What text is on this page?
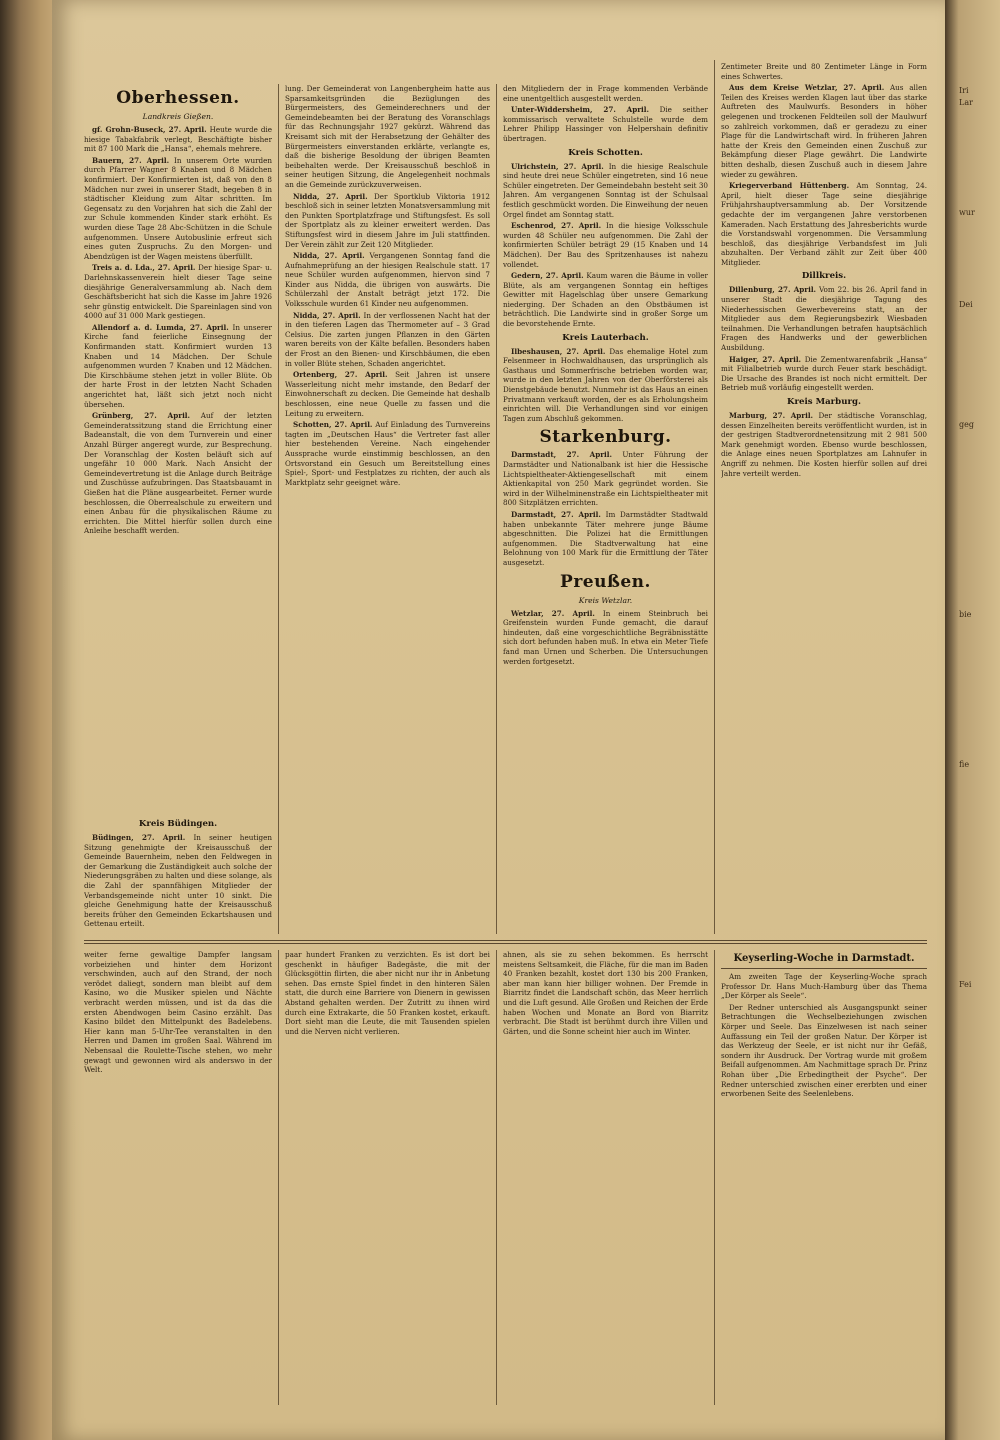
Oberhessen.
Landkreis Gießen.

gf. Grohn-Buseck, 27. April. Heute wurde die hiesige Tabakfabrik verlegt, Beschäftigte bisher mit 87 100 Mark die „Hansa“, ehemals mehrere.

Bauern, 27. April. In unserem Orte wurden durch Pfarrer Wagner 8 Knaben und 8 Mädchen konfirmiert. Der Konfirmierten ist, daß von den 8 Mädchen nur zwei in unserer Stadt, begeben 8 in städtischer Kleidung zum Altar schritten. Im Gegensatz zu den Vorjahren hat sich die Zahl der zur Schule kommenden Kinder stark erhöht. Es wurden diese Tage 28 Abc-Schützen in die Schule aufgenommen. Unsere Autobuslinie erfreut sich eines guten Zuspruchs. Zu den Morgen- und Abendzügen ist der Wagen meistens überfüllt.

Treis a. d. Lda., 27. April. Der hiesige Spar- u. Darlehnskassenverein hielt dieser Tage seine diesjährige Generalversammlung ab. Nach dem Geschäftsbericht hat sich die Kasse im Jahre 1926 sehr günstig entwickelt. Die Spareinlagen sind von 4000 auf 31 000 Mark gestiegen.

Allendorf a. d. Lumda, 27. April. In unserer Kirche fand feierliche Einsegnung der Konfirmanden statt. Konfirmiert wurden 13 Knaben und 14 Mädchen. Der Schule aufgenommen wurden 7 Knaben und 12 Mädchen. Die Kirschbäume stehen jetzt in voller Blüte. Ob der harte Frost in der letzten Nacht Schaden angerichtet hat, läßt sich jetzt noch nicht übersehen.

Grünberg, 27. April. Auf der letzten Gemeinderatssitzung stand die Errichtung einer Badeanstalt, die von dem Turnverein und einer Anzahl Bürger angeregt wurde, zur Besprechung. Der Voranschlag der Kosten beläuft sich auf ungefähr 10 000 Mark. Nach Ansicht der Gemeindevertretung ist die Anlage durch Beiträge und Zuschüsse aufzubringen. Das Staatsbauamt in Gießen hat die Pläne ausgearbeitet. Ferner wurde beschlossen, die Oberrealschule zu erweitern und einen Anbau für die physikalischen Räume zu errichten. Die Mittel hierfür sollen durch eine Anleihe beschafft werden.

Kreis Büdingen.

Büdingen, 27. April. In seiner heutigen Sitzung genehmigte der Kreisausschuß der Gemeinde Bauernheim, neben den Feldwegen in der Gemarkung die Zuständigkeit auch solche der Niederungsgräben zu halten und diese solange, als die Zahl der spannfähigen Mitglieder der Verbandsgemeinde nicht unter 10 sinkt. Die gleiche Genehmigung hatte der Kreisausschuß bereits früher den Gemeinden Eckartshausen und Gettenau erteilt.

lung. Der Gemeinderat von Langenbergheim hatte aus Sparsamkeitsgründen die Bezüglungen des Bürgermeisters, des Gemeinderechners und der Gemeindebeamten bei der Beratung des Voranschlags für das Rechnungsjahr 1927 gekürzt. Während das Kreisamt sich mit der Herabsetzung der Gehälter des Bürgermeisters einverstanden erklärte, verlangte es, daß die bisherige Besoldung der übrigen Beamten beibehalten werde. Der Kreisausschuß beschloß in seiner heutigen Sitzung, die Angelegenheit nochmals an die Gemeinde zurückzuverweisen.

Nidda, 27. April. Der Sportklub Viktoria 1912 beschloß sich in seiner letzten Monatsversammlung mit den Punkten Sportplatzfrage und Stiftungsfest. Es soll der Sportplatz als zu kleiner erweitert werden. Das Stiftungsfest wird in diesem Jahre im Juli stattfinden. Der Verein zählt zur Zeit 120 Mitglieder.

Nidda, 27. April. Vergangenen Sonntag fand die Aufnahmeprüfung an der hiesigen Realschule statt. 17 neue Schüler wurden aufgenommen, hiervon sind 7 Kinder aus Nidda, die übrigen von auswärts. Die Schülerzahl der Anstalt beträgt jetzt 172. Die Volksschule wurden 61 Kinder neu aufgenommen.

Nidda, 27. April. In der verflossenen Nacht hat der in den tieferen Lagen das Thermometer auf – 3 Grad Celsius. Die zarten jungen Pflanzen in den Gärten waren bereits von der Kälte befallen. Besonders haben der Frost an den Bienen- und Kirschbäumen, die eben in voller Blüte stehen, Schaden angerichtet.

Ortenberg, 27. April. Seit Jahren ist unsere Wasserleitung nicht mehr imstande, den Bedarf der Einwohnerschaft zu decken. Die Gemeinde hat deshalb beschlossen, eine neue Quelle zu fassen und die Leitung zu erweitern.

Schotten, 27. April. Auf Einladung des Turnvereins tagten im „Deutschen Haus“ die Vertreter fast aller hier bestehenden Vereine. Nach eingehender Aussprache wurde einstimmig beschlossen, an den Ortsvorstand ein Gesuch um Bereitstellung eines Spiel-, Sport- und Festplatzes zu richten, der auch als Marktplatz sehr geeignet wäre.

den Mitgliedern der in Frage kommenden Verbände eine unentgeltlich ausgestellt werden.

Unter-Widdersheim, 27. April. Die seither kommissarisch verwaltete Schulstelle wurde dem Lehrer Philipp Hassinger von Helpershain definitiv übertragen.

Kreis Schotten.

Ulrichstein, 27. April. In die hiesige Realschule sind heute drei neue Schüler eingetreten, sind 16 neue Schüler eingetreten. Der Gemeindebahn besteht seit 30 Jahren. Am vergangenen Sonntag ist der Schulsaal festlich geschmückt worden. Die Einweihung der neuen Orgel findet am Sonntag statt.

Eschenrod, 27. April. In die hiesige Volksschule wurden 48 Schüler neu aufgenommen. Die Zahl der konfirmierten Schüler beträgt 29 (15 Knaben und 14 Mädchen). Der Bau des Spritzenhauses ist nahezu vollendet.

Gedern, 27. April. Kaum waren die Bäume in voller Blüte, als am vergangenen Sonntag ein heftiges Gewitter mit Hagelschlag über unsere Gemarkung niederging. Der Schaden an den Obstbäumen ist beträchtlich. Die Landwirte sind in großer Sorge um die bevorstehende Ernte.

Kreis Lauterbach.

Ilbeshausen, 27. April. Das ehemalige Hotel zum Felsenmeer in Hochwaldhausen, das ursprünglich als Gasthaus und Sommerfrische betrieben worden war, wurde in den letzten Jahren von der Oberförsterei als Dienstgebäude benutzt. Nunmehr ist das Haus an einen Privatmann verkauft worden, der es als Erholungsheim einrichten will. Die Verhandlungen sind vor einigen Tagen zum Abschluß gekommen.

Starkenburg.

Darmstadt, 27. April. Unter Führung der Darmstädter und Nationalbank ist hier die Hessische Lichtspieltheater-Aktiengesellschaft mit einem Aktienkapital von 250 Mark gegründet worden. Sie wird in der Wilhelminenstraße ein Lichtspieltheater mit 800 Sitzplätzen errichten.

Darmstadt, 27. April. Im Darmstädter Stadtwald haben unbekannte Täter mehrere junge Bäume abgeschnitten. Die Polizei hat die Ermittlungen aufgenommen. Die Stadtverwaltung hat eine Belohnung von 100 Mark für die Ermittlung der Täter ausgesetzt.

Preußen.
Kreis Wetzlar.

Wetzlar, 27. April. In einem Steinbruch bei Greifenstein wurden Funde gemacht, die darauf hindeuten, daß eine vorgeschichtliche Begräbnisstätte sich dort befunden haben muß. In etwa ein Meter Tiefe fand man Urnen und Scherben. Die Untersuchungen werden fortgesetzt.

Zentimeter Breite und 80 Zentimeter Länge in Form eines Schwertes.

Aus dem Kreise Wetzlar, 27. April. Aus allen Teilen des Kreises werden Klagen laut über das starke Auftreten des Maulwurfs. Besonders in höher gelegenen und trockenen Feldteilen soll der Maulwurf so zahlreich vorkommen, daß er geradezu zu einer Plage für die Landwirtschaft wird. In früheren Jahren hatte der Kreis den Gemeinden einen Zuschuß zur Bekämpfung dieser Plage gewährt. Die Landwirte bitten deshalb, diesen Zuschuß auch in diesem Jahre wieder zu gewähren.

Kriegerverband Hüttenberg. Am Sonntag, 24. April, hielt dieser Tage seine diesjährige Frühjahrshauptversammlung ab. Der Vorsitzende gedachte der im vergangenen Jahre verstorbenen Kameraden. Nach Erstattung des Jahresberichts wurde die Vorstandswahl vorgenommen. Die Versammlung beschloß, das diesjährige Verbandsfest im Juli abzuhalten. Der Verband zählt zur Zeit über 400 Mitglieder.

Dillkreis.

Dillenburg, 27. April. Vom 22. bis 26. April fand in unserer Stadt die diesjährige Tagung des Niederhessischen Gewerbevereins statt, an der Mitglieder aus dem Regierungsbezirk Wiesbaden teilnahmen. Die Verhandlungen betrafen hauptsächlich Fragen des Handwerks und der gewerblichen Ausbildung.

Haiger, 27. April. Die Zementwarenfabrik „Hansa“ mit Filialbetrieb wurde durch Feuer stark beschädigt. Die Ursache des Brandes ist noch nicht ermittelt. Der Betrieb muß vorläufig eingestellt werden.

Kreis Marburg.

Marburg, 27. April. Der städtische Voranschlag, dessen Einzelheiten bereits veröffentlicht wurden, ist in der gestrigen Stadtverordnetensitzung mit 2 981 500 Mark genehmigt worden. Ebenso wurde beschlossen, die Anlage eines neuen Sportplatzes am Lahnufer in Angriff zu nehmen. Die Kosten hierfür sollen auf drei Jahre verteilt werden.

weiter ferne gewaltige Dampfer langsam vorbeiziehen und hinter dem Horizont verschwinden, auch auf den Strand, der noch verödet daliegt, sondern man bleibt auf dem Kasino, wo die Musiker spielen und Nächte verbracht werden müssen, und ist da das die ersten Abendwogen beim Casino erzählt. Das Kasino bildet den Mittelpunkt des Badelebens. Hier kann man 5-Uhr-Tee veranstalten in den Herren und Damen im großen Saal. Während im Nebensaal die Roulette-Tische stehen, wo mehr gewagt und gewonnen wird als anderswo in der Welt.

paar hundert Franken zu verzichten. Es ist dort bei geschenkt in häufiger Badegäste, die mit der Glücksgöttin flirten, die aber nicht nur ihr in Anbetung sehen. Das ernste Spiel findet in den hinteren Sälen statt, die durch eine Barriere von Dienern in gewissen Abstand gehalten werden. Der Zutritt zu ihnen wird durch eine Extrakarte, die 50 Franken kostet, erkauft. Dort sieht man die Leute, die mit Tausenden spielen und die Nerven nicht verlieren.

ahnen, als sie zu sehen bekommen. Es herrscht meistens Seltsamkeit, die Fläche, für die man im Baden 40 Franken bezahlt, kostet dort 130 bis 200 Franken, aber man kann hier billiger wohnen. Der Fremde in Biarritz findet die Landschaft schön, das Meer herrlich und die Luft gesund. Alle Großen und Reichen der Erde haben Wochen und Monate an Bord von Biarritz verbracht. Die Stadt ist berühmt durch ihre Villen und Gärten, und die Sonne scheint hier auch im Winter.

Keyserling-Woche in Darmstadt.

Am zweiten Tage der Keyserling-Woche sprach Professor Dr. Hans Much-Hamburg über das Thema „Der Körper als Seele“.

Der Redner unterschied als Ausgangspunkt seiner Betrachtungen die Wechselbeziehungen zwischen Körper und Seele. Das Einzelwesen ist nach seiner Auffassung ein Teil der großen Natur. Der Körper ist das Werkzeug der Seele, er ist nicht nur ihr Gefäß, sondern ihr Ausdruck. Der Vortrag wurde mit großem Beifall aufgenommen. Am Nachmittage sprach Dr. Prinz Rohan über „Die Erbedingtheit der Psyche“. Der Redner unterschied zwischen einer ererbten und einer erworbenen Seite des Seelenlebens.

Iri
Lar
wur
Dei
geg
bie
fie
Fei
